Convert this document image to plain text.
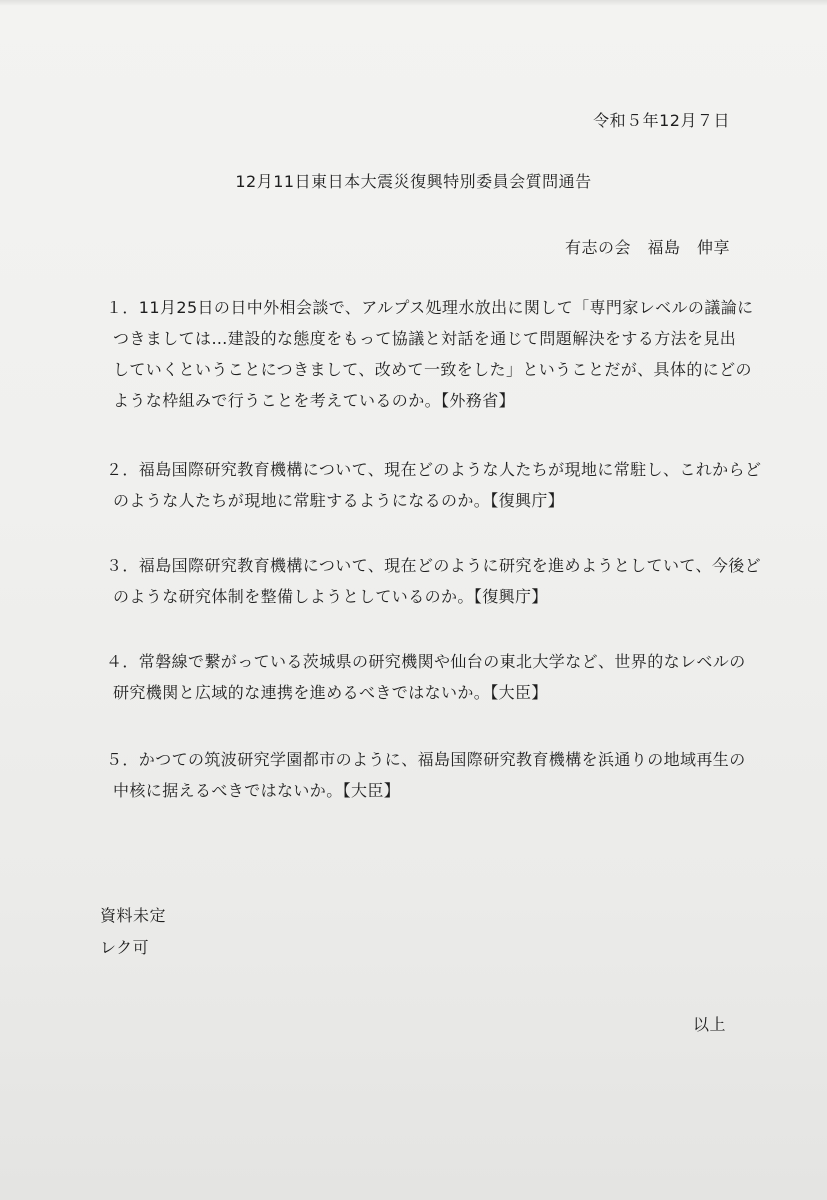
令和５年12月７日
12月11日東日本大震災復興特別委員会質問通告
有志の会　福島　伸享
１．11月25日の日中外相会談で、アルプス処理水放出に関して「専門家レベルの議論に
つきましては…建設的な態度をもって協議と対話を通じて問題解決をする方法を見出
していくということにつきまして、改めて一致をした」ということだが、具体的にどの
ような枠組みで行うことを考えているのか。【外務省】
２．福島国際研究教育機構について、現在どのような人たちが現地に常駐し、これからど
のような人たちが現地に常駐するようになるのか。【復興庁】
３．福島国際研究教育機構について、現在どのように研究を進めようとしていて、今後ど
のような研究体制を整備しようとしているのか。【復興庁】
４．常磐線で繋がっている茨城県の研究機関や仙台の東北大学など、世界的なレベルの
研究機関と広域的な連携を進めるべきではないか。【大臣】
５．かつての筑波研究学園都市のように、福島国際研究教育機構を浜通りの地域再生の
中核に据えるべきではないか。【大臣】
資料未定
レク可
以上
